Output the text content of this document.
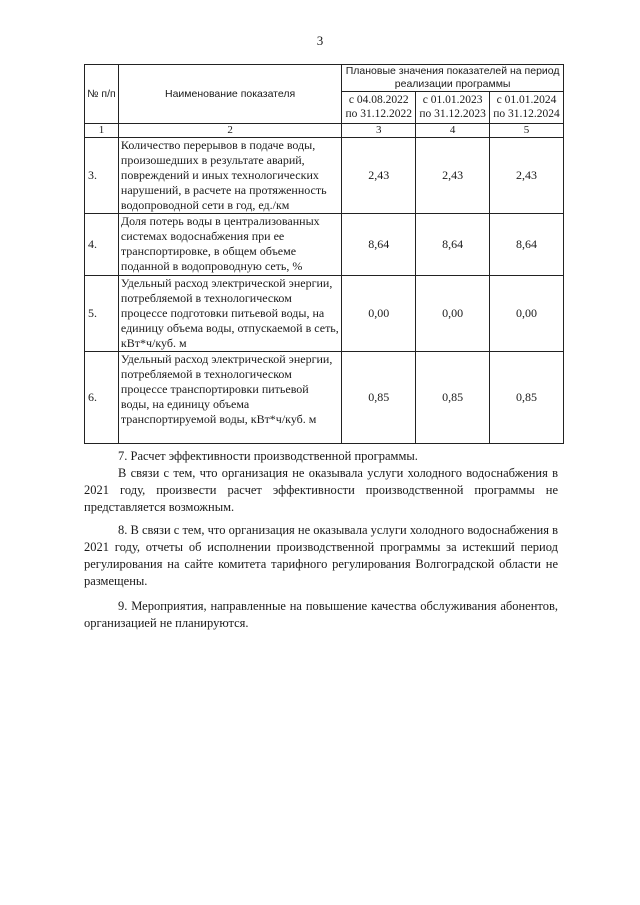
3
№ п/п	Наименование показателя	Плановые значения показателей на период реализации программы		
		с 04.08.2022 по 31.12.2022	с 01.01.2023 по 31.12.2023	с 01.01.2024 по 31.12.2024
1	2	3	4	5
3.	Количество перерывов в подаче воды, произошедших в результате аварий, повреждений и иных технологических нарушений, в расчете на протяженность водопроводной сети в год, ед./км	2,43	2,43	2,43
4.	Доля потерь воды в централизованных системах водоснабжения при ее транспортировке, в общем объеме поданной в водопроводную сеть, %	8,64	8,64	8,64
5.	Удельный расход электрической энергии, потребляемой в технологическом процессе подготовки питьевой воды, на единицу объема воды, отпускаемой в сеть, кВт*ч/куб. м	0,00	0,00	0,00
6.	Удельный расход электрической энергии, потребляемой в технологическом процессе транспортировки питьевой воды, на единицу объема транспортируемой воды, кВт*ч/куб. м	0,85	0,85	0,85

7. Расчет эффективности производственной программы.

В связи с тем, что организация не оказывала услуги холодного водоснабжения в 2021 году, произвести расчет эффективности производственной программы не представляется возможным.

8. В связи с тем, что организация не оказывала услуги холодного водоснабжения в 2021 году, отчеты об исполнении производственной программы за истекший период регулирования на сайте комитета тарифного регулирования Волгоградской области не размещены.

9. Мероприятия, направленные на повышение качества обслуживания абонентов, организацией не планируются.
